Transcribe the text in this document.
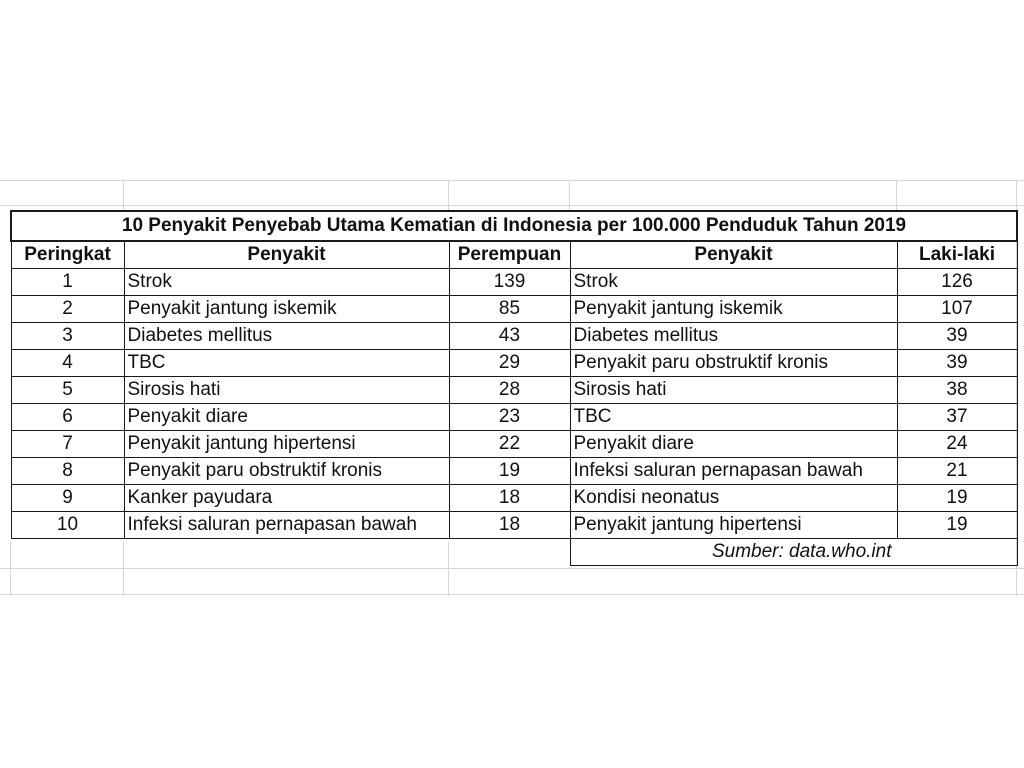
10 Penyakit Penyebab Utama Kematian di Indonesia per 100.000 Penduduk Tahun 2019				
Peringkat	Penyakit	Perempuan	Penyakit	Laki-laki
1	Strok	139	Strok	126
2	Penyakit jantung iskemik	85	Penyakit jantung iskemik	107
3	Diabetes mellitus	43	Diabetes mellitus	39
4	TBC	29	Penyakit paru obstruktif kronis	39
5	Sirosis hati	28	Sirosis hati	38
6	Penyakit diare	23	TBC	37
7	Penyakit jantung hipertensi	22	Penyakit diare	24
8	Penyakit paru obstruktif kronis	19	Infeksi saluran pernapasan bawah	21
9	Kanker payudara	18	Kondisi neonatus	19
10	Infeksi saluran pernapasan bawah	18	Penyakit jantung hipertensi	19
			Sumber: data.who.int	
